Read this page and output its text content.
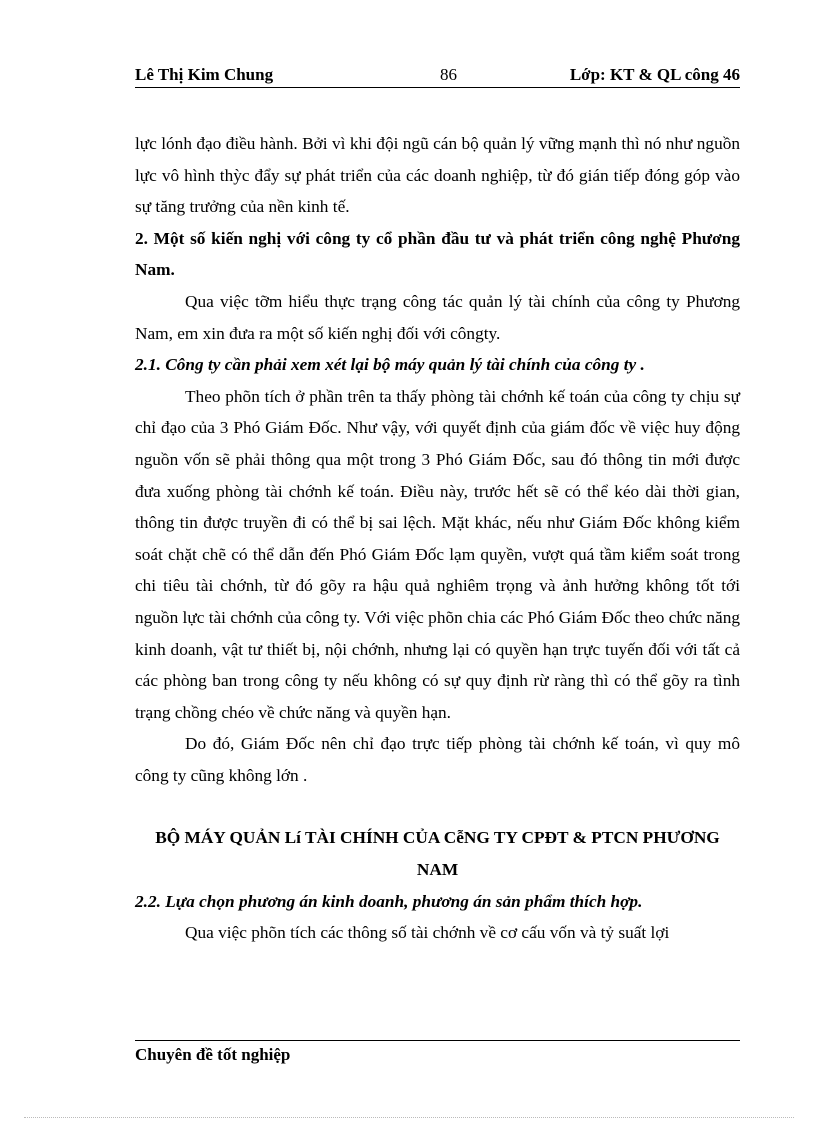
Lê Thị Kim Chung	86	Lớp: KT & QL công 46

lực lónh đạo điều hành. Bởi vì khi đội ngũ cán bộ quản lý vững mạnh thì nó như nguồn lực vô hình thỳc đẩy sự phát triển của các doanh nghiệp, từ đó gián tiếp đóng góp vào sự tăng trưởng của nền kinh tế.

2. Một số kiến nghị với công ty cổ phần đầu tư và phát triển công nghệ Phương Nam.

Qua việc tỡm hiểu thực trạng công tác quản lý tài chính của công ty Phương Nam, em xin đưa ra một số kiến nghị đối với côngty.

2.1. Công ty cần phải xem xét lại bộ máy quản lý tài chính của công ty .

Theo phõn tích ở phần trên ta thấy phòng tài chớnh kế toán của công ty chịu sự chỉ đạo của 3 Phó Giám Đốc. Như vậy, với quyết định của giám đốc về việc huy động nguồn vốn sẽ phải thông qua một trong 3 Phó Giám Đốc, sau đó thông tin mới được đưa xuống phòng tài chớnh kế toán. Điều này, trước hết sẽ có thể kéo dài thời gian, thông tin được truyền đi có thể bị sai lệch. Mặt khác, nếu như Giám Đốc không kiểm soát chặt chẽ có thể dẫn đến Phó Giám Đốc lạm quyền, vượt quá tầm kiểm soát trong chi tiêu tài chớnh, từ đó gõy ra hậu quả nghiêm trọng và ảnh hưởng không tốt tới nguồn lực tài chớnh của công ty. Với việc phõn chia các Phó Giám Đốc theo chức năng kinh doanh, vật tư thiết bị, nội chớnh, nhưng lại có quyền hạn trực tuyến đối với tất cả các phòng ban trong công ty nếu không có sự quy định rừ ràng thì có thể gõy ra tình trạng chồng chéo về chức năng và quyền hạn.

Do đó, Giám Đốc nên chỉ đạo trực tiếp phòng tài chớnh kế toán, vì quy mô công ty cũng không lớn .

BỘ MÁY QUẢN Lí TÀI CHÍNH CỦA CễNG TY CPĐT & PTCN PHƯƠNG NAM

2.2. Lựa chọn phương án kinh doanh, phương án sản phẩm thích hợp.

Qua việc phõn tích các thông số tài chớnh về cơ cấu vốn và tỷ suất lợi

Chuyên đề tốt nghiệp
